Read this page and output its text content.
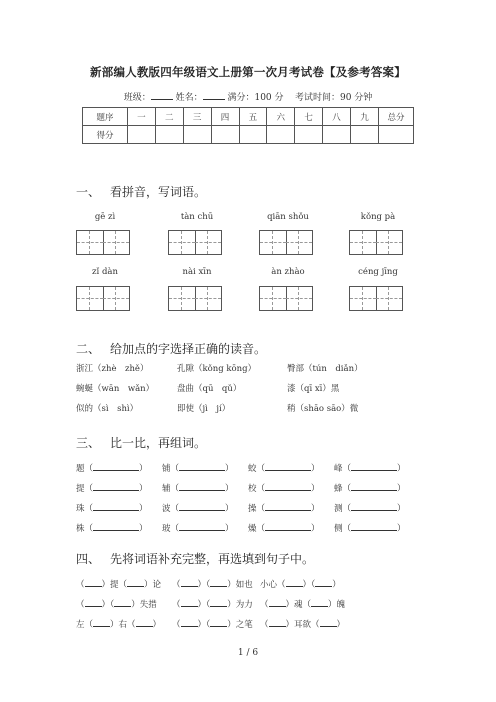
新部编人教版四年级语文上册第一次月考试卷【及参考答案】
班级：	姓名：	满分：100 分 考试时间：90 分钟
题序	一	二	三	四	五	六	七	八	九	总分
得分										
一、 看拼音，写词语。
gē zì	tàn chū	qiān shǒu	kǒng pà
zǐ dàn	nài xīn	àn zhào	céng jīng
二、 给加点的字选择正确的读音。
浙江（zhè　zhě）	孔隙（kǒng kōng）	臀部（tún　diǎn）
蜿蜒（wān　wǎn）	盘曲（qū　qǔ）	漆（qī xī）黑
似的（sì　shì）	即使（jì　jí）	稍（shāo sāo）微
三、 比一比，再组词。
题（	） 铺（	） 蛟（	） 峰（	）
提（	） 辅（	） 校（	） 蜂（	）
珠（	） 波（	） 操（	） 测（	）
株（	） 玻（	） 燥（	） 侧（	）
四、 先将词语补充完整，再选填到句子中。
（ ）提（ ）论 （ ）（ ）如也 小心（ ）（ ）
（ ）（ ）失措 （ ）（ ）为力 （ ）魂（ ）魄
左（ ）右（ ） （ ）（ ）之笔 （ ）耳欲（ ）
1 / 6
